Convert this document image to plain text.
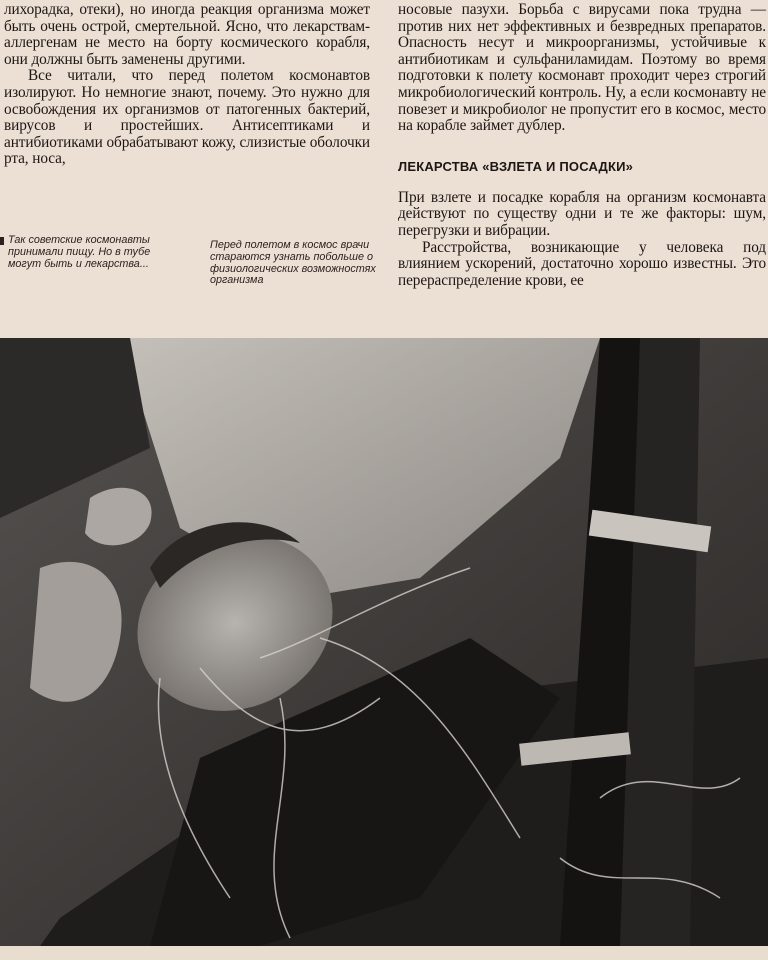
лихорадка, отеки), но иногда реакция организма может быть очень острой, смертельной. Ясно, что лекарствам-аллергенам не место на борту космического корабля, они должны быть заменены другими.

Все читали, что перед полетом космонавтов изолируют. Но немногие знают, почему. Это нужно для освобождения их организмов от патогенных бактерий, вирусов и простейших. Антисептиками и антибиотиками обрабатывают кожу, слизистые оболочки рта, носа,

носовые пазухи. Борьба с вирусами пока трудна — против них нет эффективных и безвредных препаратов. Опасность несут и микроорганизмы, устойчивые к антибиотикам и сульфаниламидам. Поэтому во время подготовки к полету космонавт проходит через строгий микробиологический контроль. Ну, а если космонавту не повезет и микробиолог не пропустит его в космос, место на корабле займет дублер.

ЛЕКАРСТВА «ВЗЛЕТА И ПОСАДКИ»

При взлете и посадке корабля на организм космонавта действуют по существу одни и те же факторы: шум, перегрузки и вибрации.

Расстройства, возникающие у человека под влиянием ускорений, достаточно хорошо известны. Это перераспределение крови, ее

Так советские космонавты принимали пищу. Но в тубе могут быть и лекарства...
Перед полетом в космос врачи стараются узнать побольше о физиологических возможностях организма
